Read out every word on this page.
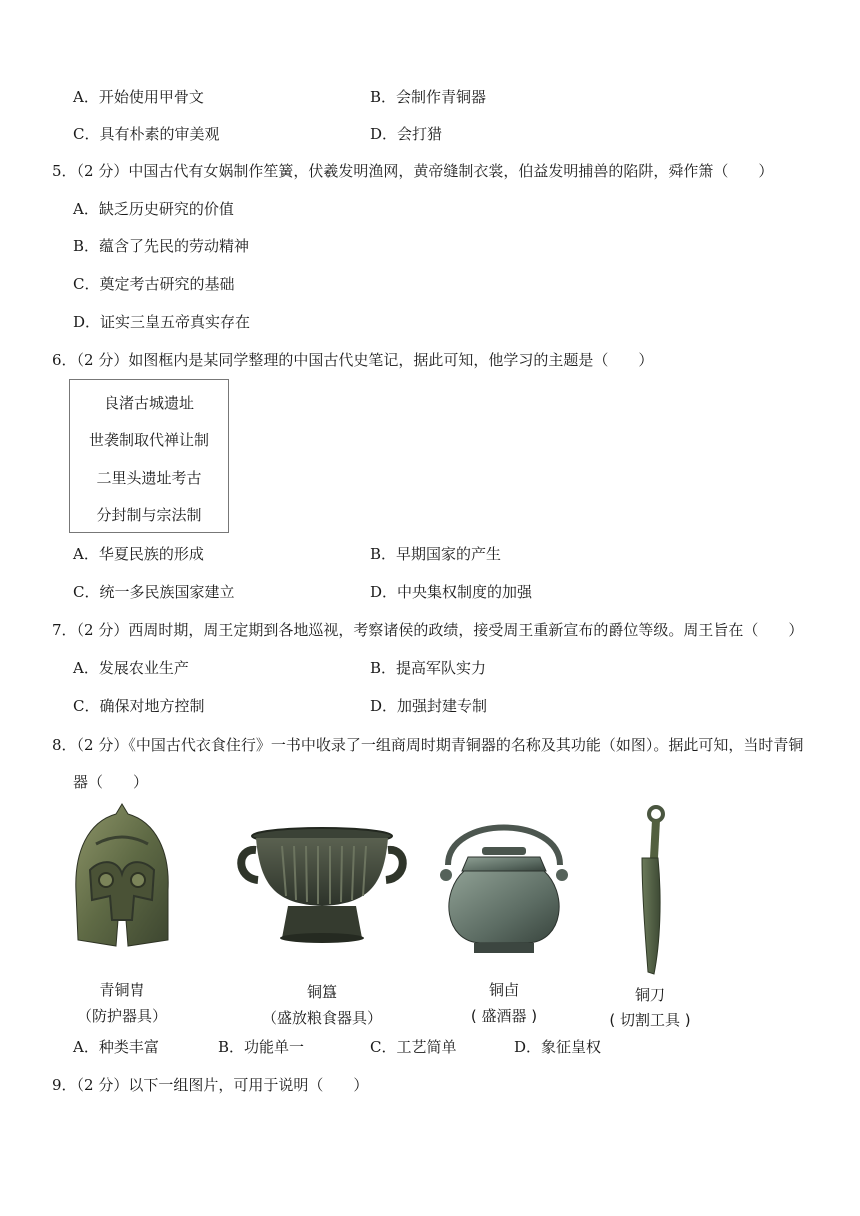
A．开始使用甲骨文	B．会制作青铜器
C．具有朴素的审美观	D．会打猎
5．（2 分）中国古代有女娲制作笙簧，伏羲发明渔网，黄帝缝制衣裳，伯益发明捕兽的陷阱，舜作箫（　　）
A．缺乏历史研究的价值
B．蕴含了先民的劳动精神
C．奠定考古研究的基础
D．证实三皇五帝真实存在
6．（2 分）如图框内是某同学整理的中国古代史笔记，据此可知，他学习的主题是（　　）
良渚古城遗址
世袭制取代禅让制
二里头遗址考古
分封制与宗法制
A．华夏民族的形成	B．早期国家的产生
C．统一多民族国家建立	D．中央集权制度的加强
7．（2 分）西周时期，周王定期到各地巡视，考察诸侯的政绩，接受周王重新宣布的爵位等级。周王旨在（　　）
A．发展农业生产	B．提高军队实力
C．确保对地方控制	D．加强封建专制
8．（2 分）《中国古代衣食住行》一书中收录了一组商周时期青铜器的名称及其功能（如图）。据此可知，当时青铜
器（　　）
青铜胄
（防护器具）
铜簋
（盛放粮食器具）
铜卣
( 盛酒器 )
铜刀
( 切割工具 )
A．种类丰富	B．功能单一	C．工艺简单	D．象征皇权
9．（2 分）以下一组图片，可用于说明（　　）
